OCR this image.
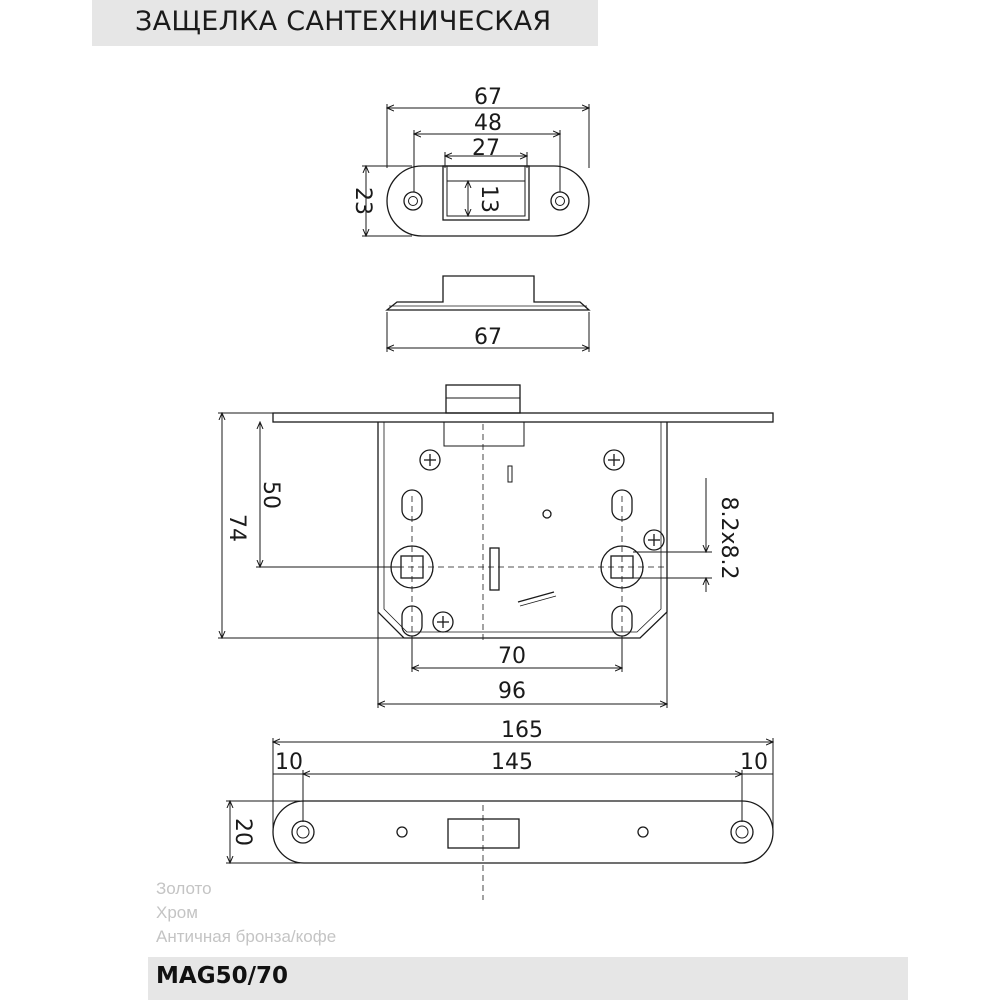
ЗАЩЕЛКА САНТЕХНИЧЕСКАЯ
67
48
27
23	13
67
74
50
8.2x8.2
70
96
165
10	145	10
20
Золото
Хром
Античная бронза/кофе
MAG50/70
